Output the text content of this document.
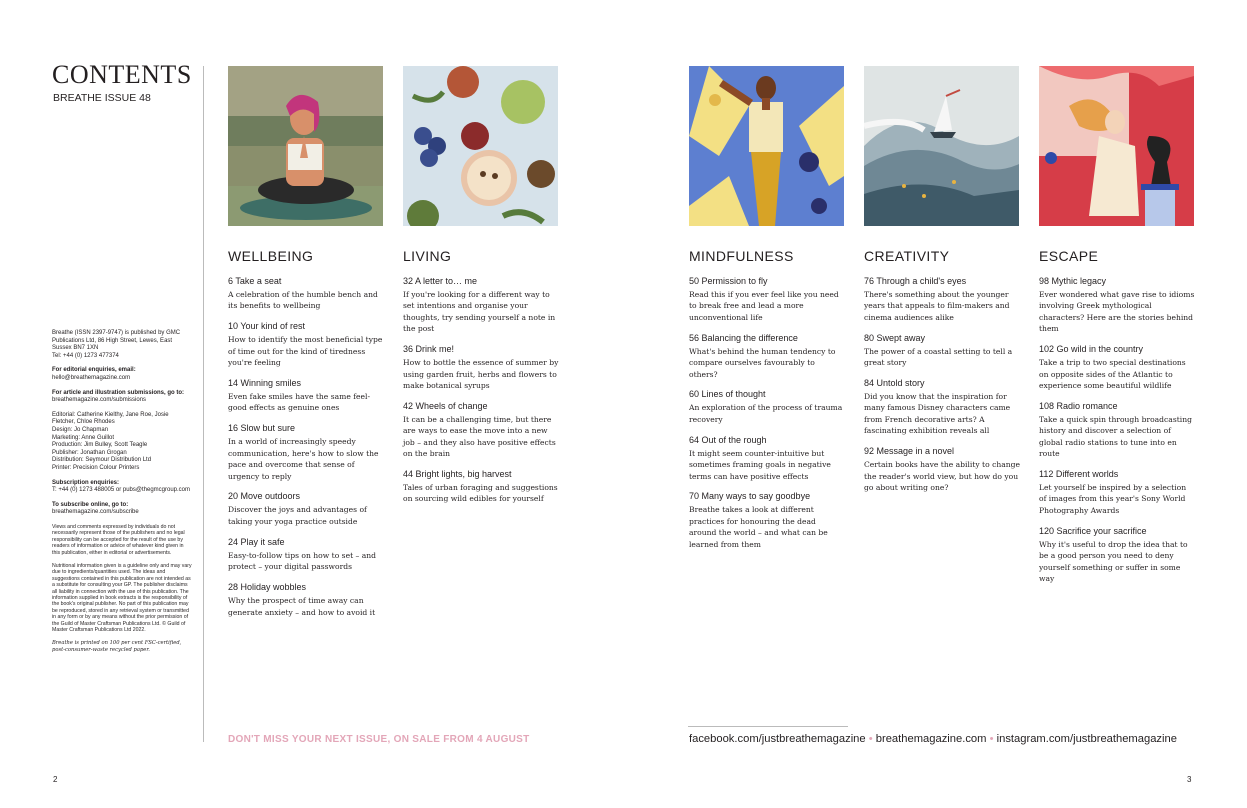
CONTENTS
BREATHE ISSUE 48
Breathe (ISSN 2397-9747) is published by GMC Publications Ltd, 86 High Street, Lewes, East Sussex BN7 1XN
Tel: +44 (0) 1273 477374
For editorial enquiries, email:
hello@breathemagazine.com
For article and illustration submissions, go to:
breathemagazine.com/submissions
Editorial: Catherine Kielthy, Jane Roe, Josie Fletcher, Chloe Rhodes
Design: Jo Chapman
Marketing: Anne Guillot
Production: Jim Bulley, Scott Teagle
Publisher: Jonathan Grogan
Distribution: Seymour Distribution Ltd
Printer: Precision Colour Printers
Subscription enquiries:
T: +44 (0) 1273 488005 or pubs@thegmcgroup.com
To subscribe online, go to:
breathemagazine.com/subscribe
Views and comments expressed by individuals do not necessarily represent those of the publishers and no legal responsibility can be accepted for the result of the use by readers of information or advice of whatever kind given in this publication, either in editorial or advertisements.
Nutritional information given is a guideline only and may vary due to ingredients/quantities used. The ideas and suggestions contained in this publication are not intended as a substitute for consulting your GP. The publisher disclaims all liability in connection with the use of this publication. The information supplied in book extracts is the responsibility of the book's original publisher. No part of this publication may be reproduced, stored in any retrieval system or transmitted in any form or by any means without the prior permission of the Guild of Master Craftsman Publications Ltd. © Guild of Master Craftsman Publications Ltd 2022.
Breathe is printed on 100 per cent FSC-certified, post-consumer-waste recycled paper.
WELLBEING
6 Take a seat
A celebration of the humble bench and its benefits to wellbeing
10 Your kind of rest
How to identify the most beneficial type of time out for the kind of tiredness you're feeling
14 Winning smiles
Even fake smiles have the same feel-good effects as genuine ones
16 Slow but sure
In a world of increasingly speedy communication, here's how to slow the pace and overcome that sense of urgency to reply
20 Move outdoors
Discover the joys and advantages of taking your yoga practice outside
24 Play it safe
Easy-to-follow tips on how to set – and protect – your digital passwords
28 Holiday wobbles
Why the prospect of time away can generate anxiety – and how to avoid it
LIVING
32 A letter to… me
If you're looking for a different way to set intentions and organise your thoughts, try sending yourself a note in the post
36 Drink me!
How to bottle the essence of summer by using garden fruit, herbs and flowers to make botanical syrups
42 Wheels of change
It can be a challenging time, but there are ways to ease the move into a new job – and they also have positive effects on the brain
44 Bright lights, big harvest
Tales of urban foraging and suggestions on sourcing wild edibles for yourself
MINDFULNESS
50 Permission to fly
Read this if you ever feel like you need to break free and lead a more unconventional life
56 Balancing the difference
What's behind the human tendency to compare ourselves favourably to others?
60 Lines of thought
An exploration of the process of trauma recovery
64 Out of the rough
It might seem counter-intuitive but sometimes framing goals in negative terms can have positive effects
70 Many ways to say goodbye
Breathe takes a look at different practices for honouring the dead around the world – and what can be learned from them
CREATIVITY
76 Through a child's eyes
There's something about the younger years that appeals to film-makers and cinema audiences alike
80 Swept away
The power of a coastal setting to tell a great story
84 Untold story
Did you know that the inspiration for many famous Disney characters came from French decorative arts? A fascinating exhibition reveals all
92 Message in a novel
Certain books have the ability to change the reader's world view, but how do you go about writing one?
ESCAPE
98 Mythic legacy
Ever wondered what gave rise to idioms involving Greek mythological characters? Here are the stories behind them
102 Go wild in the country
Take a trip to two special destinations on opposite sides of the Atlantic to experience some beautiful wildlife
108 Radio romance
Take a quick spin through broadcasting history and discover a selection of global radio stations to tune into en route
112 Different worlds
Let yourself be inspired by a selection of images from this year's Sony World Photography Awards
120 Sacrifice your sacrifice
Why it's useful to drop the idea that to be a good person you need to deny yourself something or suffer in some way
DON'T MISS YOUR NEXT ISSUE, ON SALE FROM 4 AUGUST	facebook.com/justbreathemagazine • breathemagazine.com • instagram.com/justbreathemagazine
2	3
